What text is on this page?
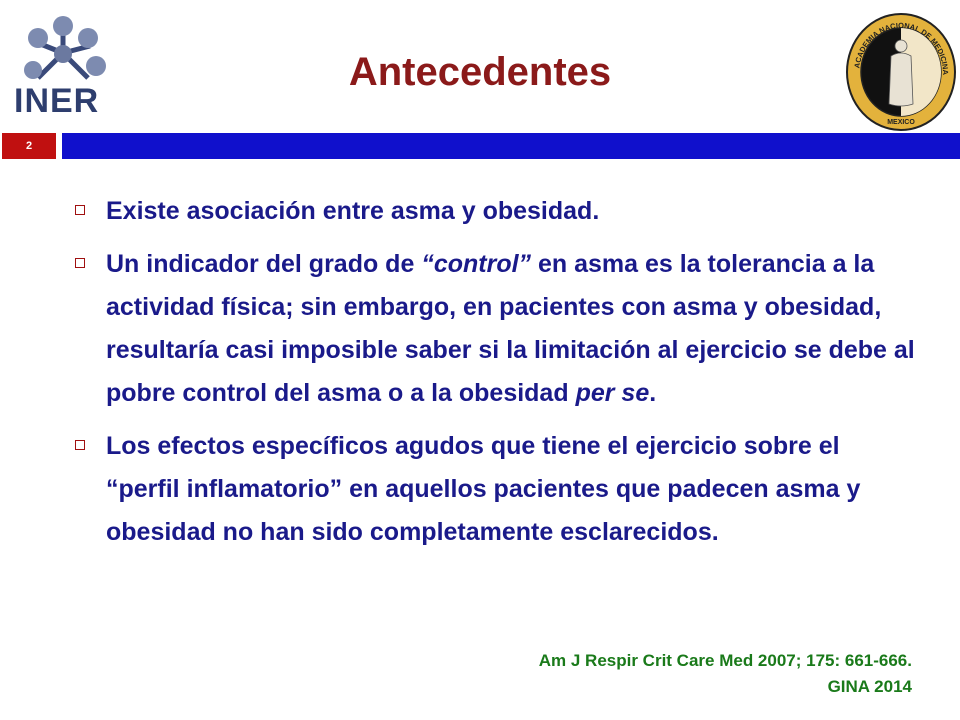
INER
Antecedentes	ACADEMIA NACIONAL DE MEDICINA
MEXICO
2
Existe asociación entre asma y obesidad.
Un indicador del grado de “control” en asma es la tolerancia a la actividad física; sin embargo, en pacientes con asma y obesidad, resultaría casi imposible saber si la limitación al ejercicio se debe al pobre control del asma o a la obesidad per se.
Los efectos específicos agudos que tiene el ejercicio sobre el “perfil inflamatorio” en aquellos pacientes que padecen asma y obesidad no han sido completamente esclarecidos.
Am J Respir Crit Care Med 2007; 175: 661-666.
GINA 2014
